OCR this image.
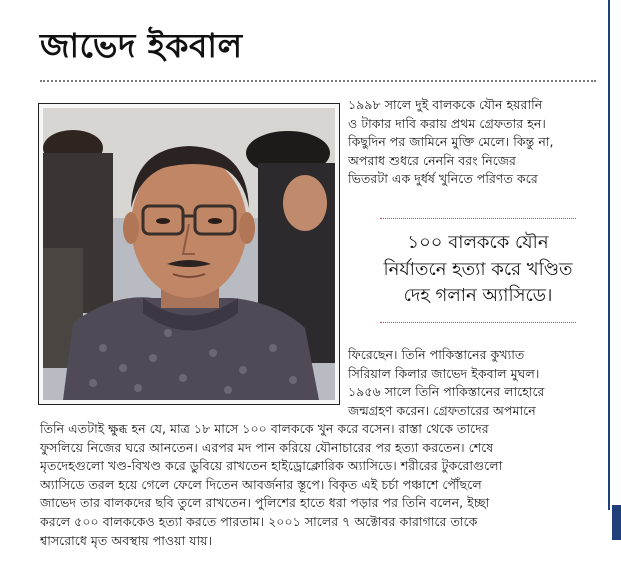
জাভেদ ইকবাল
১৯৯৮ সালে দুই বালককে যৌন হয়রানি
ও টাকার দাবি করায় প্রথম গ্রেফতার হন।
কিছুদিন পর জামিনে মুক্তি মেলে। কিন্তু না,
অপরাধ শুধরে নেননি বরং নিজের
ভিতরটা এক দুর্ধর্ষ খুনিতে পরিণত করে
১০০ বালককে যৌন
নির্যাতনে হত্যা করে খণ্ডিত
দেহ গলান অ্যাসিডে।
ফিরেছেন। তিনি পাকিস্তানের কুখ্যাত
সিরিয়াল কিলার জাভেদ ইকবাল মুঘল।
১৯৫৬ সালে তিনি পাকিস্তানের লাহোরে
জন্মগ্রহণ করেন। গ্রেফতারের অপমানে
তিনি এতটাই ক্ষুব্ধ হন যে, মাত্র ১৮ মাসে ১০০ বালককে খুন করে বসেন। রাস্তা থেকে তাদের
ফুসলিয়ে নিজের ঘরে আনতেন। এরপর মদ পান করিয়ে যৌনাচারের পর হত্যা করতেন। শেষে
মৃতদেহগুলো খণ্ড-বিখণ্ড করে ডুবিয়ে রাখতেন হাইড্রোক্লোরিক অ্যাসিডে। শরীরের টুকরোগুলো
অ্যাসিডে তরল হয়ে গেলে ফেলে দিতেন আবর্জনার স্তূপে। বিকৃত এই চর্চা পঞ্চাশে পৌঁছলে
জাভেদ তার বালকদের ছবি তুলে রাখতেন। পুলিশের হাতে ধরা পড়ার পর তিনি বলেন, ইচ্ছা
করলে ৫০০ বালককেও হত্যা করতে পারতাম। ২০০১ সালের ৭ অক্টোবর কারাগারে তাকে
শ্বাসরোধে মৃত অবস্থায় পাওয়া যায়।
